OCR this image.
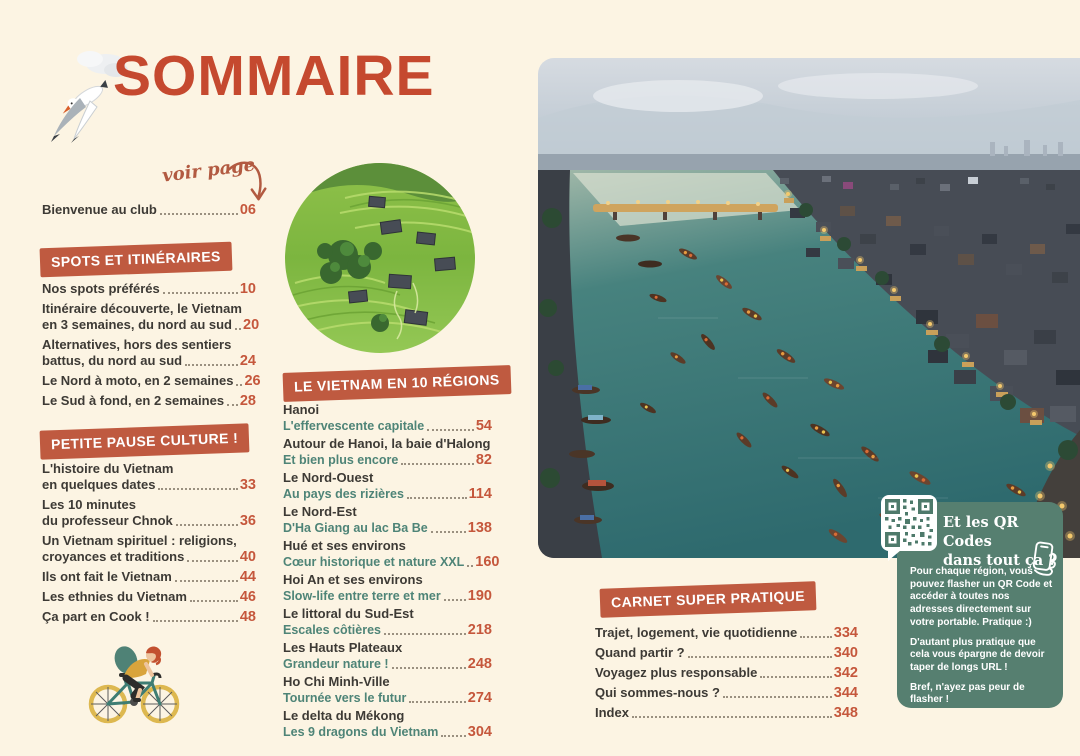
SOMMAIRE
voir page
Bienvenue au club	06
SPOTS ET ITINÉRAIRES
Nos spots préférés	10
Itinéraire découverte, le Vietnam
en 3 semaines, du nord au sud 20
Alternatives, hors des sentiers
battus, du nord au sud	24
Le Nord à moto, en 2 semaines 26
Le Sud à fond, en 2 semaines 28
PETITE PAUSE CULTURE !
L'histoire du Vietnam
en quelques dates	33
Les 10 minutes
du professeur Chnok	36
Un Vietnam spirituel : religions,
croyances et traditions	40
Ils ont fait le Vietnam	44
Les ethnies du Vietnam	46
Ça part en Cook !	48
LE VIETNAM EN 10 RÉGIONS
Hanoi
L'effervescente capitale	54
Autour de Hanoi, la baie d'Halong
Et bien plus encore	82
Le Nord-Ouest
Au pays des rizières	114
Le Nord-Est
D'Ha Giang au lac Ba Be	138
Hué et ses environs
Cœur historique et nature XXL 160
Hoi An et ses environs
Slow-life entre terre et mer 190
Le littoral du Sud-Est
Escales côtières	218
Les Hauts Plateaux
Grandeur nature !	248
Ho Chi Minh-Ville
Tournée vers le futur	274
Le delta du Mékong
Les 9 dragons du Vietnam 304
CARNET SUPER PRATIQUE
Trajet, logement, vie quotidienne	334
Quand partir ?	340
Voyagez plus responsable	342
Qui sommes-nous ?	344
Index	348
Et les QR Codes
dans tout ça ?

Pour chaque région, vous pouvez flasher un QR Code et accéder à toutes nos adresses directement sur votre portable. Pratique :)

D'autant plus pratique que cela vous épargne de devoir taper de longs URL !

Bref, n'ayez pas peur de flasher !
